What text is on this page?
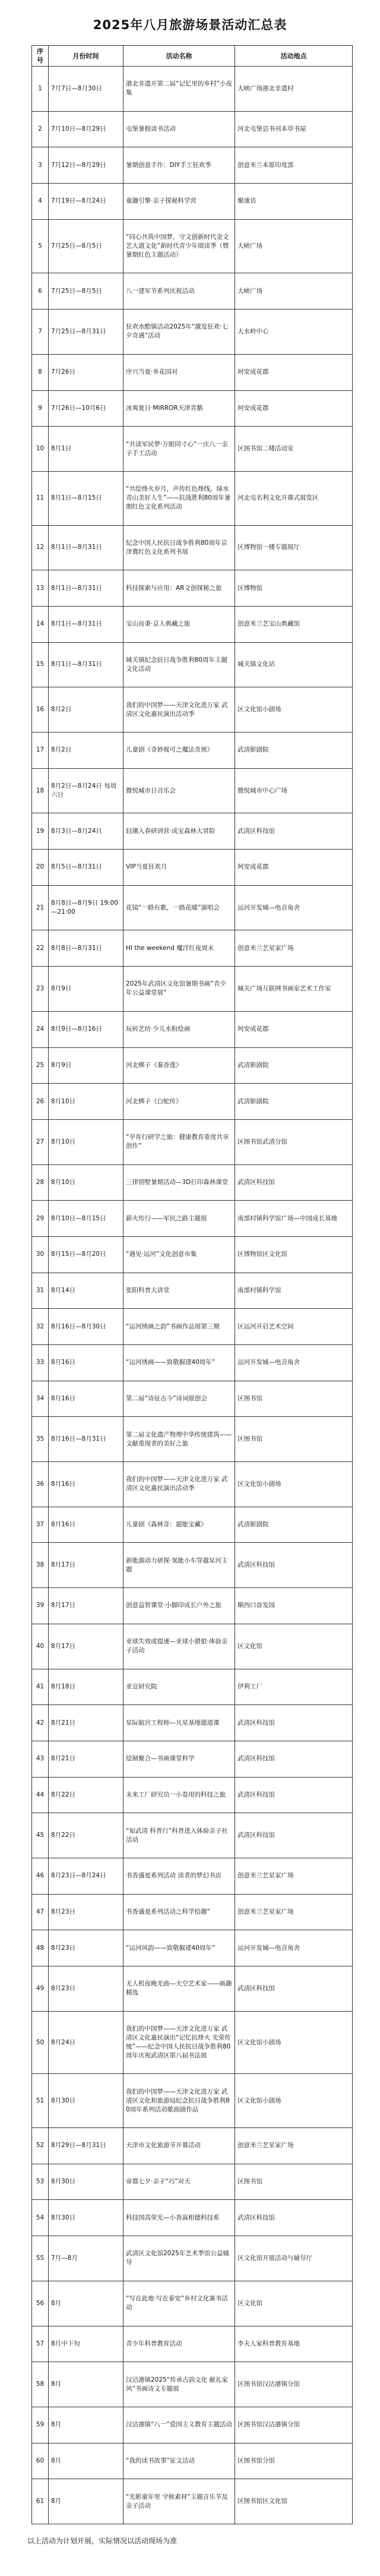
2025年八月旅游场景活动汇总表
序号	月份时间	活动名称	活动地点
1	7月7日—8月30日	港北非遗开第二届“记忆里的乡村”小夜集	大峡广场港北非遗村
2	7月10日—8月29日	屯堡暑假读书活动	河北屯堡县书刊本草书屋
3	7月12日—8月29日	暑期创意手作：DIY手工狂欢季	创意米兰本原印度部
4	7月19日—8月24日	童趣引擎·亲子探秘科学营	聚康访
5	7月25日—8月5日	“同心共筑中国梦，守文创新时代金文艺大道文化”新时代青少年阅读季（暨暑期红色主题活动）	大峡广场
6	7月25日—8月5日	八一建军节系列庆祝活动	大峡广场
7	7月25日—8月31日	狂欢水酷镇活动2025年“激发狂欢·七夕奇遇”活动	大水岭中心
8	7月26日	序兴当夏·乡花园对	珂安成花郡
9	7月26日—10月6日	冰爽夏日·MIRROR天津青鹅	珂安成花郡
10	8月1日	“共读军民梦·万眼同寸心”一庆八一亲子手工活动	区图书馆二楼活动室
11	8月1日—8月15日	“共绘烽火岁月，声传红色烽线，绿水青山美好人生”——抗战胜利80周年暑期红色文化系列活动	河北屯名利文化开幕式展览区
12	8月1日—8月31日	纪念中国人民抗日战争胜利80周年京津冀红色文化系列书展	区博物馆一楼专题展厅
13	8月1日—8月31日	科技探索与应用：AR文创探秘之旅	区博物馆
14	8月1日—8月31日	宝山而秉·京人典藏之旅	创意米兰艺宝山典藏馆
15	8月1日—8月31日	城关镇纪念抗日战争胜利80周年主题文化活动	城关镇文化站
16	8月2日	我们的中国梦——天津文化进万家 武清区文化惠民演出活动季	区文化馆小剧场
17	8月2日	儿童剧《奇妙视可之魔法奇预》	武清影剧院
18	8月2日—8月24日 每周六日	微悦城市日音乐会	微悦城市中心广场
19	8月3日—8月24日	轻潮入春研训营·成宝森林大冒险	武清区科技馆
20	8月5日—8月31日	VIP当夏狂欢月	珂安成花郡
21	8月8日—8月9日 19:00—21:00	花镜“一路有歌，一路花暖”演唱会	运河开发城—电音角舍
22	8月8日—8月31日	HI the weekend 魔洋红夜周末	创意米兰艺星家广场
23	8月9日	2025年武清区文化馆暑期书画“青少年公益课堂展”	城关广场互联网书画室艺术工作室
24	8月9日—8月16日	玩转艺坊·少儿水粉绘画	珂安成花郡
25	8月9日	河北梆子《秦香莲》	武清影剧院
26	8月10日	河北梆子《白蛇传》	武清影剧院
27	8月10日	“孕育行研学之旅：健康教育重度共享创作”	区图书馆武清分馆
28	8月10日	三律别墅暑期活动—3D打印森林课堂	武清区科技馆
29	8月10日—8月15日	薪火传行——军民之路主题展	南部村镇科学馆广场—中国成长基地
30	8月15日—8月20日	“遇见·运河”文化创意市集	区博物馆区文化馆
31	8月14日	张阳科普大讲堂	南部村镇科学馆
32	8月16日—8月30日	“运河绣画之韵”书画作品展第三期	区运河开启艺术空间
33	8月16日	“运河绣画——致敬掘建40周年”	运河开发城—电音角舍
34	8月16日	第二届“诗征古今”诗词原创会	区图书馆
35	8月16日—8月31日	第二届文化遗产物理中华传统建筑——文献重现者的美好之旅	区图书馆
36	8月16日	我们的中国梦——天津文化进万家 武清区文化惠民演出活动季	区文化馆小剧场
37	8月16日	儿童剧《森林奇：超能宝藏》	武清影剧院
38	8月17日	新能源动力研探·氢能小车穿越星河主题	武清区科技馆
39	8月17日	创意益智课堂·小脚印成长户外之旅	顺西口奋发园
40	8月17日	亚球失效或提速—亚球小猎狼·体验亲子活动	区文化馆
41	8月18日	亚宣研究院	伊利工厂
42	8月21日	星际航宫工程师—凡星基地德道课	武清区科技馆
43	8月21日	绘制聚合—书画课堂科学	武清区科技馆
44	8月22日	未来工厂研究员一小卷用的科技之旅	武清区科技馆
45	8月22日	“知武清 科普行”科普进入体验亲子社活动	武清区科技馆
46	8月23日—8月24日	书香盛夏系列活动 读者的梦幻书店	创意米兰艺星家广场
47	8月23日	书香盛夏系列活动之科学拾趣”	创意米兰艺星家广场
48	8月23日	“运河风韵——致敬掘建40周年”	运河开发城—电音角舍
49	8月23日	无人机夜晚光曲—天空艺术家——画趣精选	武清区科技馆
50	8月24日	我们的中国梦——天津文化进万家 武清区文化惠民演出“记忆抗烽火 光荣传统”——纪念中国人民抗日战争胜利80周年庆祝武清区第八届书法展	区文化馆小剧场
51	8月30日	我们的中国梦——天津文化进万家 武清区文化和旅游局纪念抗日战争胜利80周年系列活动歌曲剧作品	区文化馆小剧场
52	8月29日—8月31日	天津市文化旅游节开幕活动	创意米兰艺星家广场
53	8月30日	帝都七夕·亲子“巧”对天	区图书馆
54	8月30日	科技国高荣光—小香嵩相德科技系	武清区科技馆
55	7月—8月	武清区文化馆2025年艺术季馆公益辅导	区文化馆开展活动与辅导厅
56	8月	“写在此地·写在泰安”乡村文化赛书活动	区文化馆
57	8月中下旬	青少年科普教育活动	李夫人家科普教育基地
58	8月	汉沽港镇2025“传承古韵文化 献礼家风”书画诗文专题展	区图书馆汉沽港镇分馆
59	8月	汉沽港镇“八一”爱国主义教育主题活动	区图书馆汉沽港镇分馆
60	8月	“我的读书故事”征文活动	区图书馆分馆
61	8月	“光影童年里 守候素材”主题音乐节及亲子活动	区图书馆区文化馆
以上活动为计划开展，实际情况以活动现场为准
